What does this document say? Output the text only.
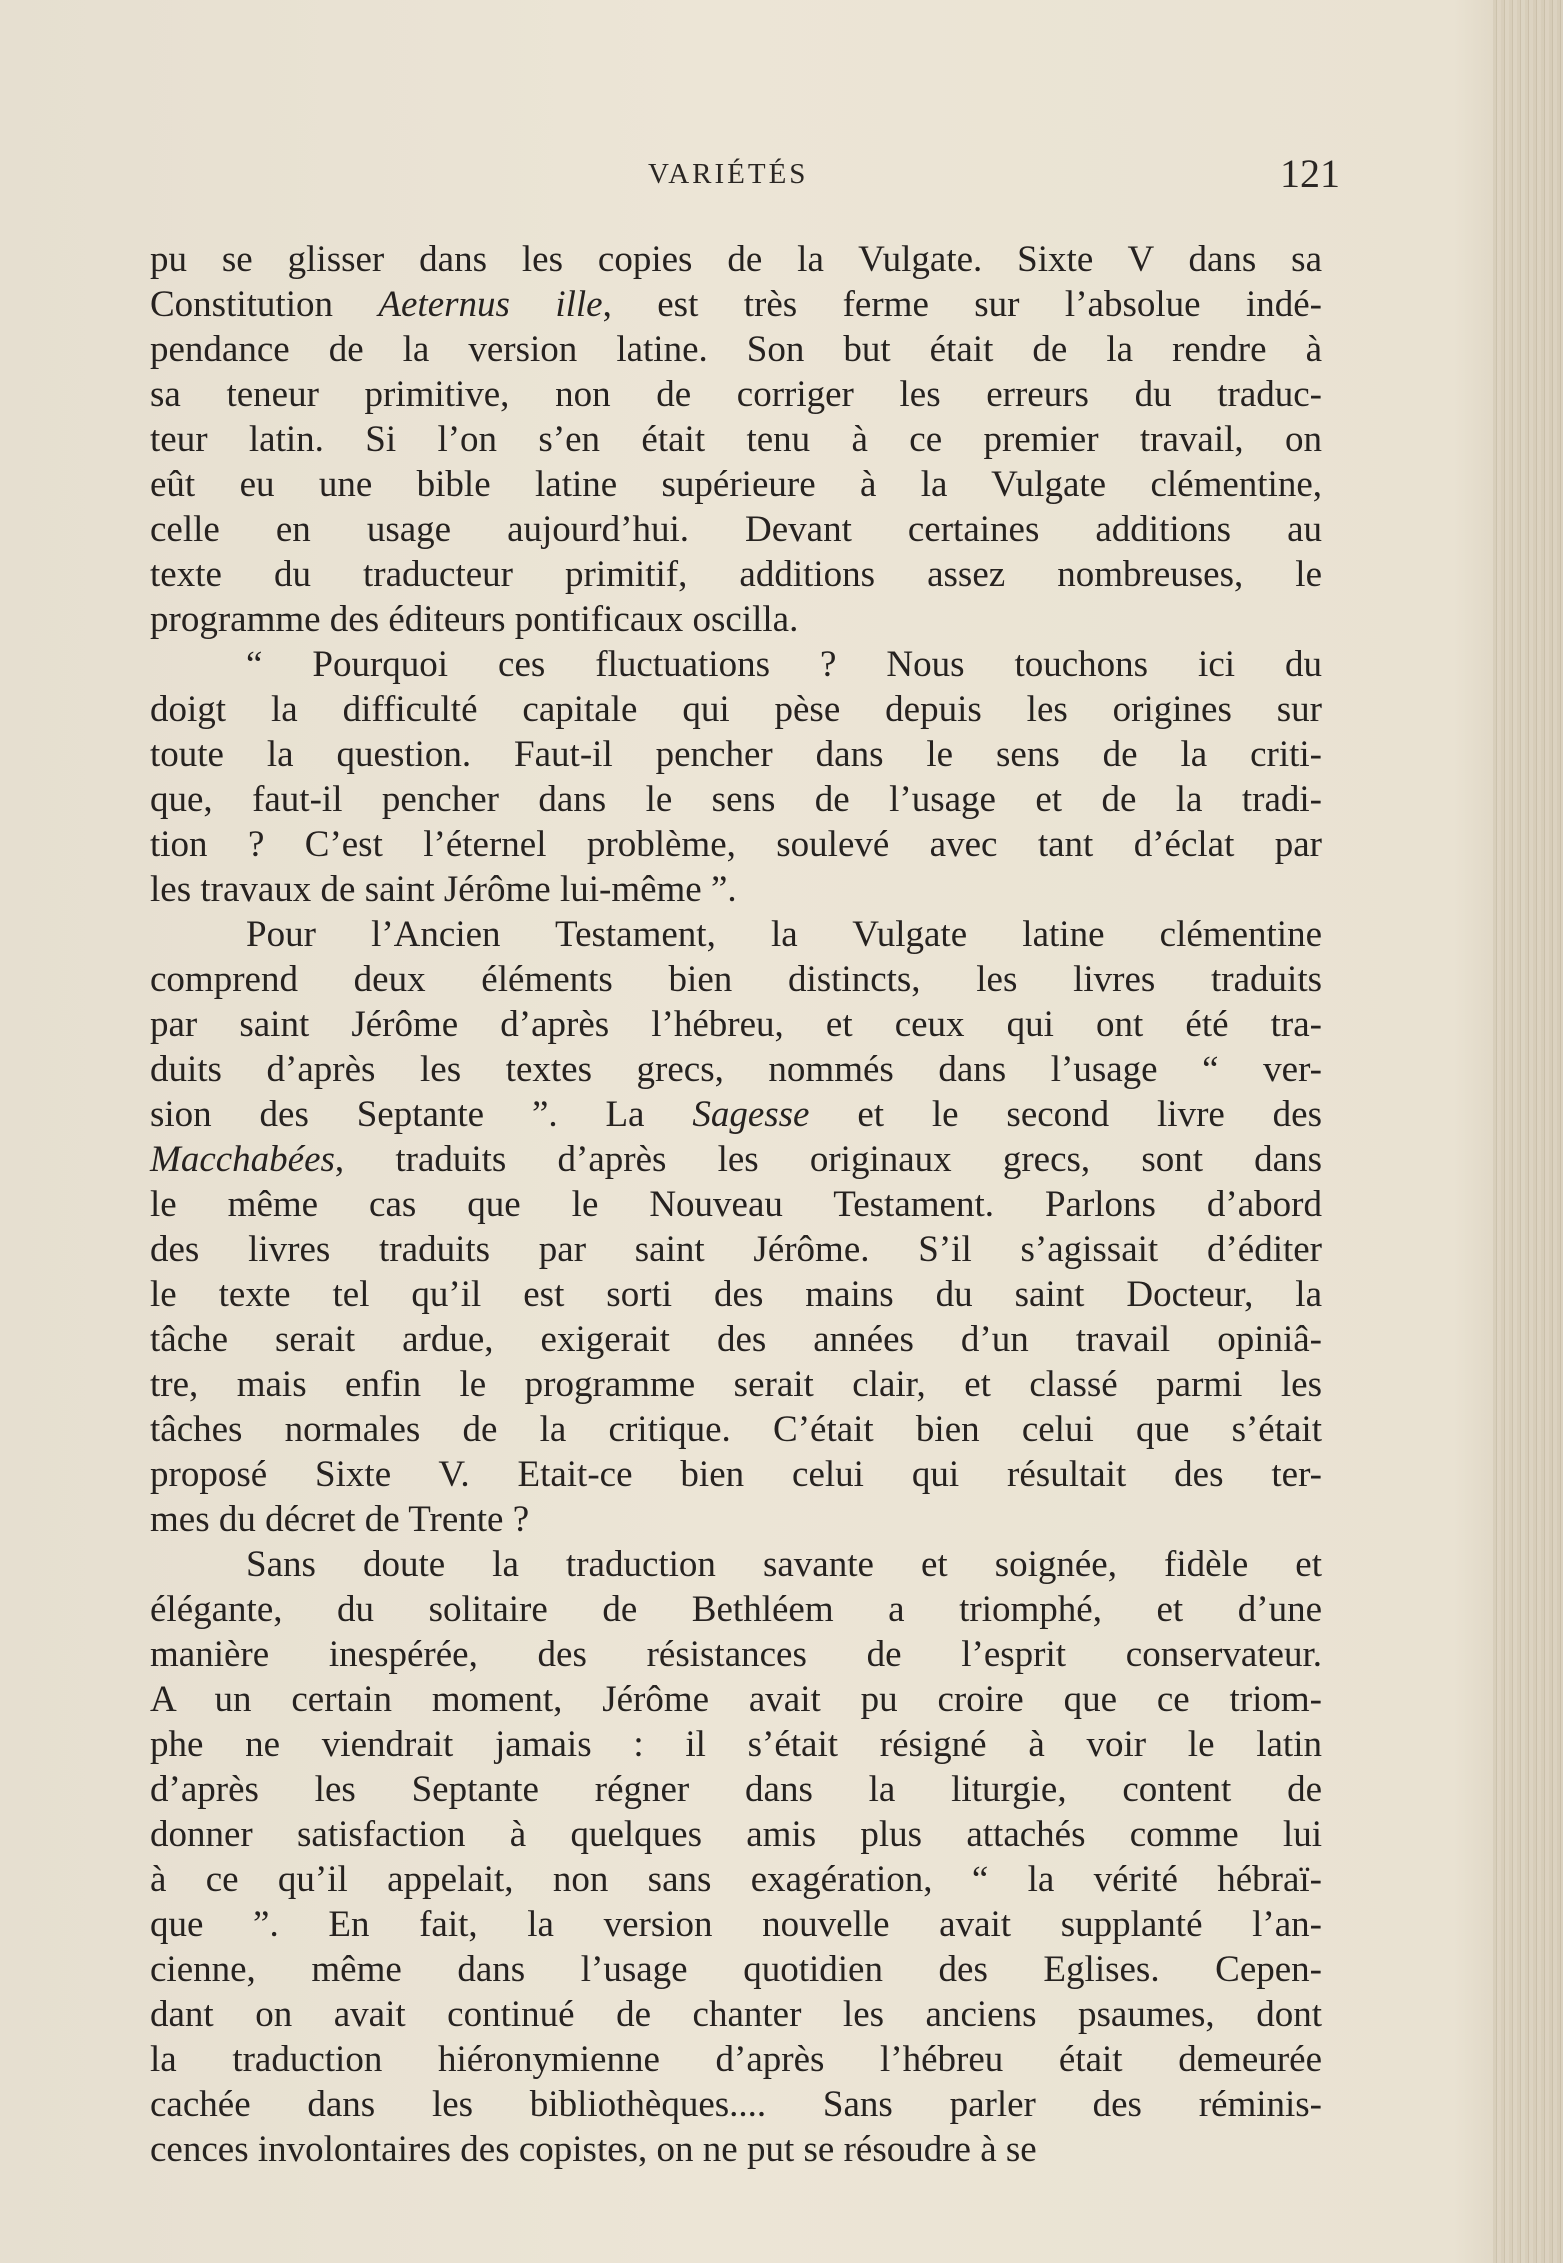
VARIÉTÉS	121
pu se glisser dans les copies de la Vulgate. Sixte V dans sa
Constitution Aeternus ille, est très ferme sur l’absolue indé-
pendance de la version latine. Son but était de la rendre à
sa teneur primitive, non de corriger les erreurs du traduc-
teur latin. Si l’on s’en était tenu à ce premier travail, on
eût eu une bible latine supérieure à la Vulgate clémentine,
celle en usage aujourd’hui. Devant certaines additions au
texte du traducteur primitif, additions assez nombreuses, le
programme des éditeurs pontificaux oscilla.
“ Pourquoi ces fluctuations ? Nous touchons ici du
doigt la difficulté capitale qui pèse depuis les origines sur
toute la question. Faut-il pencher dans le sens de la criti-
que, faut-il pencher dans le sens de l’usage et de la tradi-
tion ? C’est l’éternel problème, soulevé avec tant d’éclat par
les travaux de saint Jérôme lui-même ”.
Pour l’Ancien Testament, la Vulgate latine clémentine
comprend deux éléments bien distincts, les livres traduits
par saint Jérôme d’après l’hébreu, et ceux qui ont été tra-
duits d’après les textes grecs, nommés dans l’usage “ ver-
sion des Septante ”. La Sagesse et le second livre des
Macchabées, traduits d’après les originaux grecs, sont dans
le même cas que le Nouveau Testament. Parlons d’abord
des livres traduits par saint Jérôme. S’il s’agissait d’éditer
le texte tel qu’il est sorti des mains du saint Docteur, la
tâche serait ardue, exigerait des années d’un travail opiniâ-
tre, mais enfin le programme serait clair, et classé parmi les
tâches normales de la critique. C’était bien celui que s’était
proposé Sixte V. Etait-ce bien celui qui résultait des ter-
mes du décret de Trente ?
Sans doute la traduction savante et soignée, fidèle et
élégante, du solitaire de Bethléem a triomphé, et d’une
manière inespérée, des résistances de l’esprit conservateur.
A un certain moment, Jérôme avait pu croire que ce triom-
phe ne viendrait jamais : il s’était résigné à voir le latin
d’après les Septante régner dans la liturgie, content de
donner satisfaction à quelques amis plus attachés comme lui
à ce qu’il appelait, non sans exagération, “ la vérité hébraï-
que ”. En fait, la version nouvelle avait supplanté l’an-
cienne, même dans l’usage quotidien des Eglises. Cepen-
dant on avait continué de chanter les anciens psaumes, dont
la traduction hiéronymienne d’après l’hébreu était demeurée
cachée dans les bibliothèques.... Sans parler des réminis-
cences involontaires des copistes, on ne put se résoudre à se
